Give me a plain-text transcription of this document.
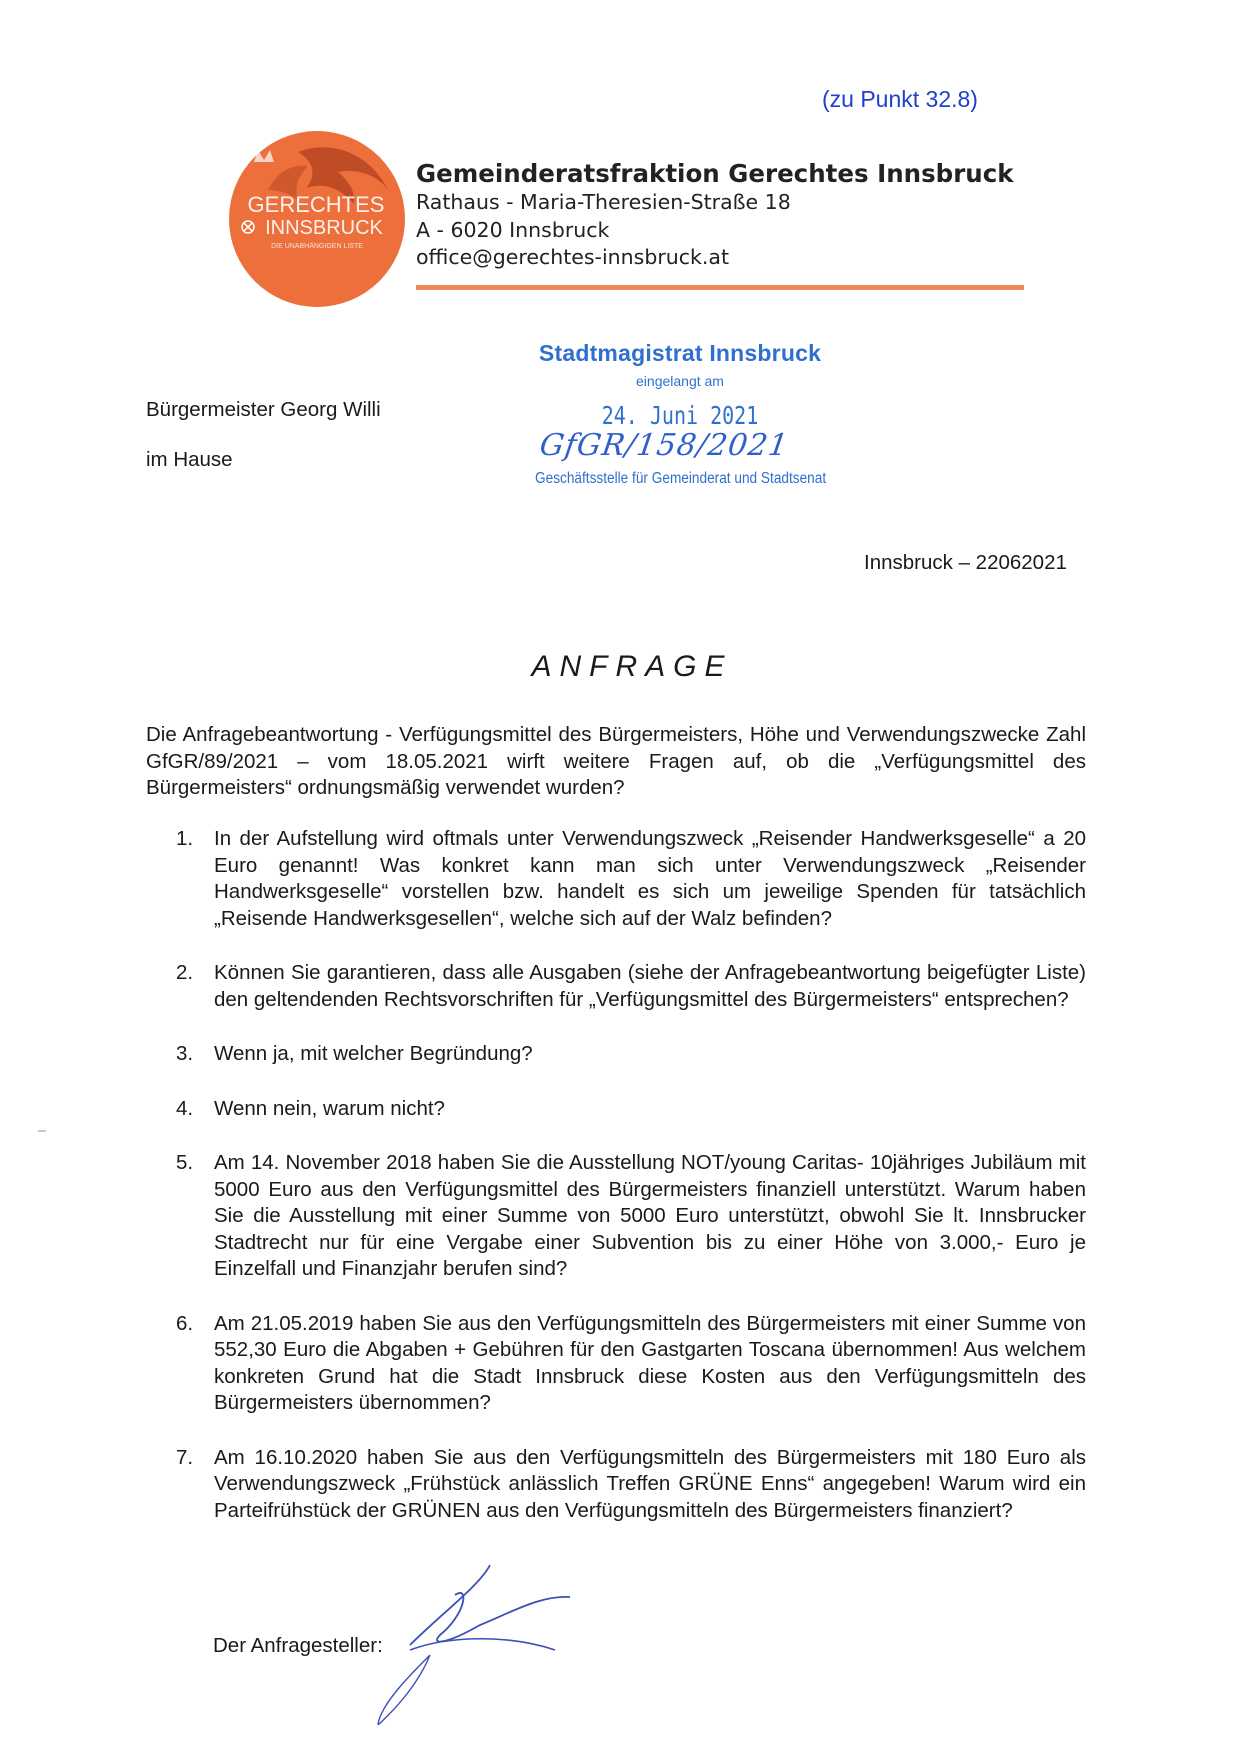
(zu Punkt 32.8)
GERECHTES
INNSBRUCK
DIE UNABHÄNGIGEN LISTE
Gemeinderatsfraktion Gerechtes Innsbruck
Rathaus - Maria-Theresien-Straße 18
A - 6020 Innsbruck
office@gerechtes-innsbruck.at
Bürgermeister Georg Willi
im Hause
Stadtmagistrat Innsbruck
eingelangt am
24. Juni 2021
GfGR/158/2021
Geschäftsstelle für Gemeinderat und Stadtsenat
Innsbruck – 22062021
ANFRAGE
Die Anfragebeantwortung - Verfügungsmittel des Bürgermeisters, Höhe und Verwendungszwecke Zahl GfGR/89/2021 – vom 18.05.2021 wirft weitere Fragen auf, ob die „Verfügungsmittel des Bürgermeisters“ ordnungsmäßig verwendet wurden?
1.	In der Aufstellung wird oftmals unter Verwendungszweck „Reisender Handwerksgeselle“ a 20 Euro genannt! Was konkret kann man sich unter Verwendungszweck „Reisender Handwerksgeselle“ vorstellen bzw. handelt es sich um jeweilige Spenden für tatsächlich „Reisende Handwerksgesellen“, welche sich auf der Walz befinden?
2.	Können Sie garantieren, dass alle Ausgaben (siehe der Anfragebeantwortung beigefügter Liste) den geltendenden Rechtsvorschriften für „Verfügungsmittel des Bürgermeisters“ entsprechen?
3.	Wenn ja, mit welcher Begründung?
4.	Wenn nein, warum nicht?
5.	Am 14. November 2018 haben Sie die Ausstellung NOT/young Caritas- 10jähriges Jubiläum mit 5000 Euro aus den Verfügungsmittel des Bürgermeisters finanziell unterstützt. Warum haben Sie die Ausstellung mit einer Summe von 5000 Euro unterstützt, obwohl Sie lt. Innsbrucker Stadtrecht nur für eine Vergabe einer Subvention bis zu einer Höhe von 3.000,- Euro je Einzelfall und Finanzjahr berufen sind?
6.	Am 21.05.2019 haben Sie aus den Verfügungsmitteln des Bürgermeisters mit einer Summe von 552,30 Euro die Abgaben + Gebühren für den Gastgarten Toscana übernommen! Aus welchem konkreten Grund hat die Stadt Innsbruck diese Kosten aus den Verfügungsmitteln des Bürgermeisters übernommen?
7.	Am 16.10.2020 haben Sie aus den Verfügungsmitteln des Bürgermeisters mit 180 Euro als Verwendungszweck „Frühstück anlässlich Treffen GRÜNE Enns“ angegeben! Warum wird ein Parteifrühstück der GRÜNEN aus den Verfügungsmitteln des Bürgermeisters finanziert?
Der Anfragesteller:
